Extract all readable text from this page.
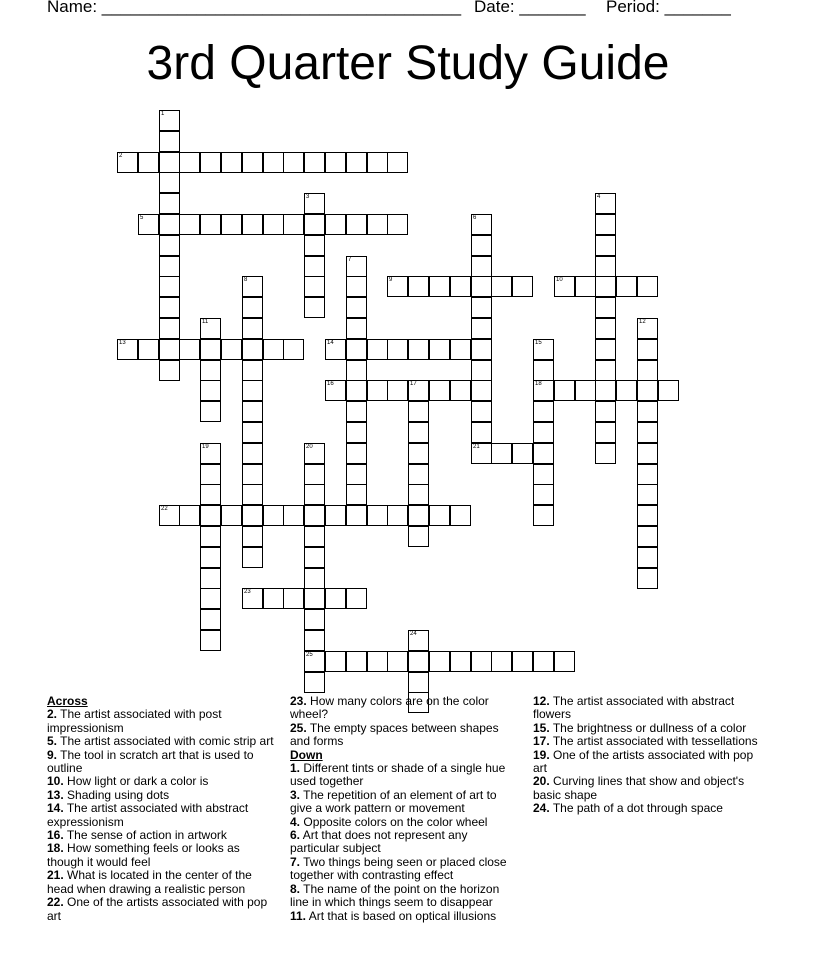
Name: ______________________________________ Date: _______ Period: _______
3rd Quarter Study Guide
1
2
3	4
5	6
21
7
8	9	10
11	12
13	14	15
18
16	17
19	20
25
22
23
24

Across

2. The artist associated with post impressionism

5. The artist associated with comic strip art

9. The tool in scratch art that is used to outline

10. How light or dark a color is

13. Shading using dots

14. The artist associated with abstract expressionism

16. The sense of action in artwork

18. How something feels or looks as though it would feel

21. What is located in the center of the head when drawing a realistic person

22. One of the artists associated with pop art

23. How many colors are on the color wheel?

25. The empty spaces between shapes and forms

Down

1. Different tints or shade of a single hue used together

3. The repetition of an element of art to give a work pattern or movement

4. Opposite colors on the color wheel

6. Art that does not represent any particular subject

7. Two things being seen or placed close together with contrasting effect

8. The name of the point on the horizon line in which things seem to disappear

11. Art that is based on optical illusions

12. The artist associated with abstract flowers

15. The brightness or dullness of a color

17. The artist associated with tessellations

19. One of the artists associated with pop art

20. Curving lines that show and object's basic shape

24. The path of a dot through space
